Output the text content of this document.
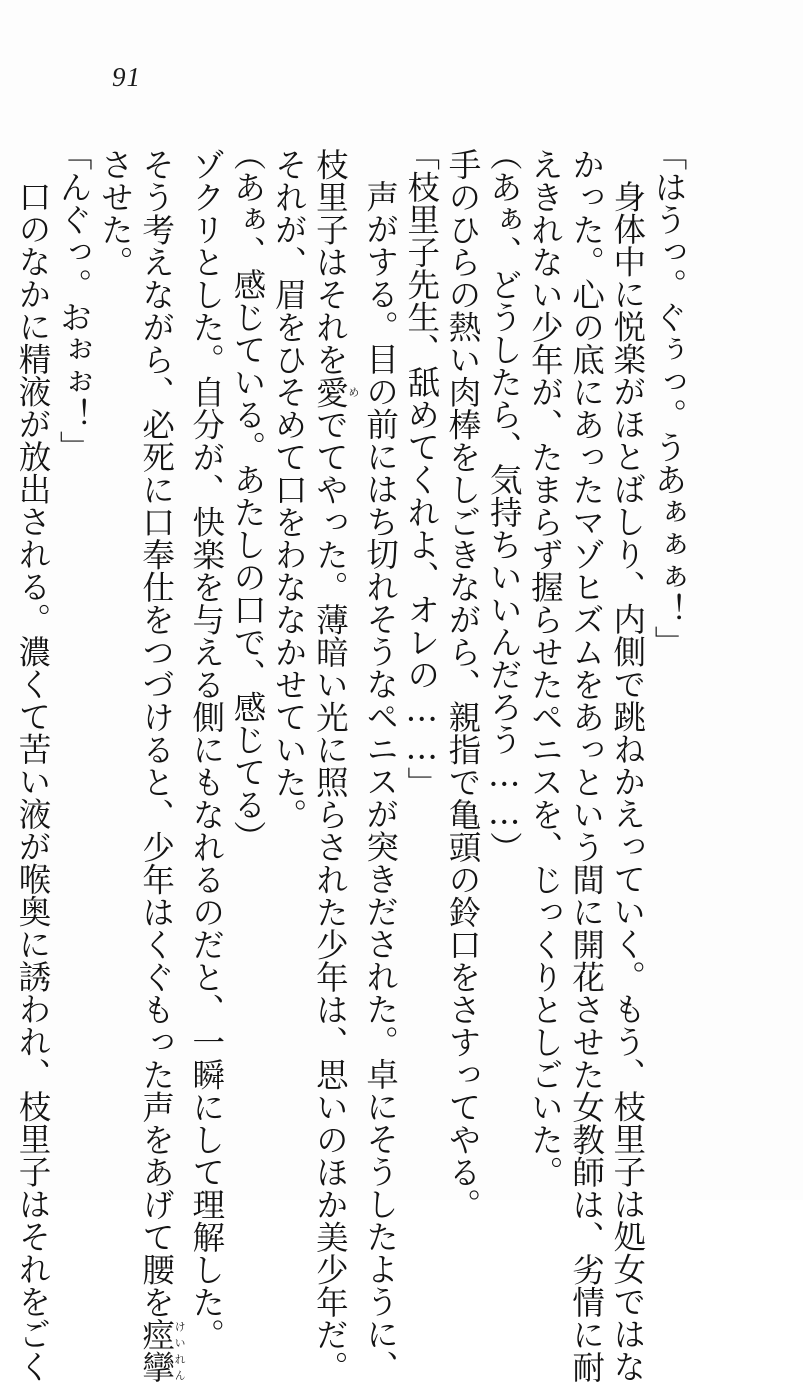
91
「はうっ。ぐぅっ。うあぁぁぁ！」
身体中に悦楽がほとばしり、内側で跳ねかえっていく。もう、枝里子は処女ではな
かった。心の底にあったマゾヒズムをあっという間に開花させた女教師は、劣情に耐
えきれない少年が、たまらず握らせたペニスを、じっくりとしごいた。
（あぁ、どうしたら、気持ちいいんだろう……）
手のひらの熱い肉棒をしごきながら、親指で亀頭の鈴口をさすってやる。
「枝里子先生、舐めてくれよ、オレの……」
声がする。目の前にはち切れそうなペニスが突きだされた。卓にそうしたように、
枝里子はそれを愛めでてやった。薄暗い光に照らされた少年は、思いのほか美少年だ。
それが、眉をひそめて口をわななかせていた。
（あぁ、感じている。あたしの口で、感じてる）
ゾクリとした。自分が、快楽を与える側にもなれるのだと、一瞬にして理解した。
そう考えながら、必死に口奉仕をつづけると、少年はくぐもった声をあげて腰を痙攣けいれん
させた。
「んぐっ。おぉぉ！」
口のなかに精液が放出される。濃くて苦い液が喉奥に誘われ、枝里子はそれをごく
